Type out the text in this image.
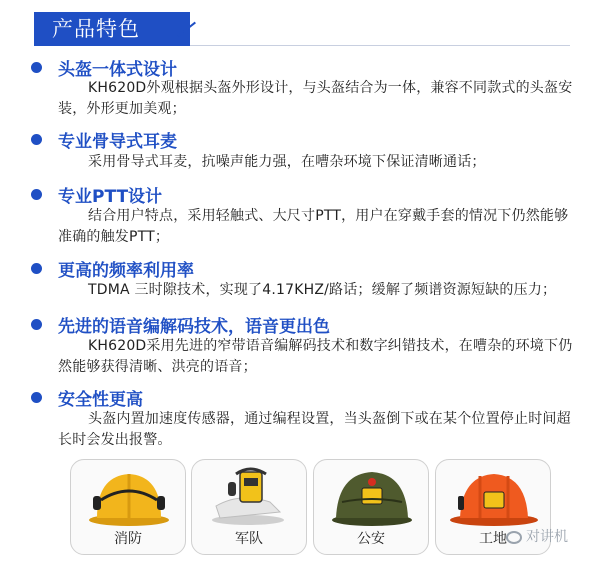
产品特色
头盔一体式设计
KH620D外观根据头盔外形设计，与头盔结合为一体，兼容不同款式的头盔安装，外形更加美观；
专业骨导式耳麦
采用骨导式耳麦，抗噪声能力强，在嘈杂环境下保证清晰通话；
专业PTT设计
结合用户特点，采用轻触式、大尺寸PTT，用户在穿戴手套的情况下仍然能够准确的触发PTT；
更高的频率利用率
TDMA 三时隙技术，实现了4.17KHZ/路话；缓解了频谱资源短缺的压力；
先进的语音编解码技术，语音更出色
KH620D采用先进的窄带语音编解码技术和数字纠错技术，在嘈杂的环境下仍然能够获得清晰、洪亮的语音；
安全性更高
头盔内置加速度传感器，通过编程设置，当头盔倒下或在某个位置停止时间超长时会发出报警。
消防	军队	公安	工地	对讲机
